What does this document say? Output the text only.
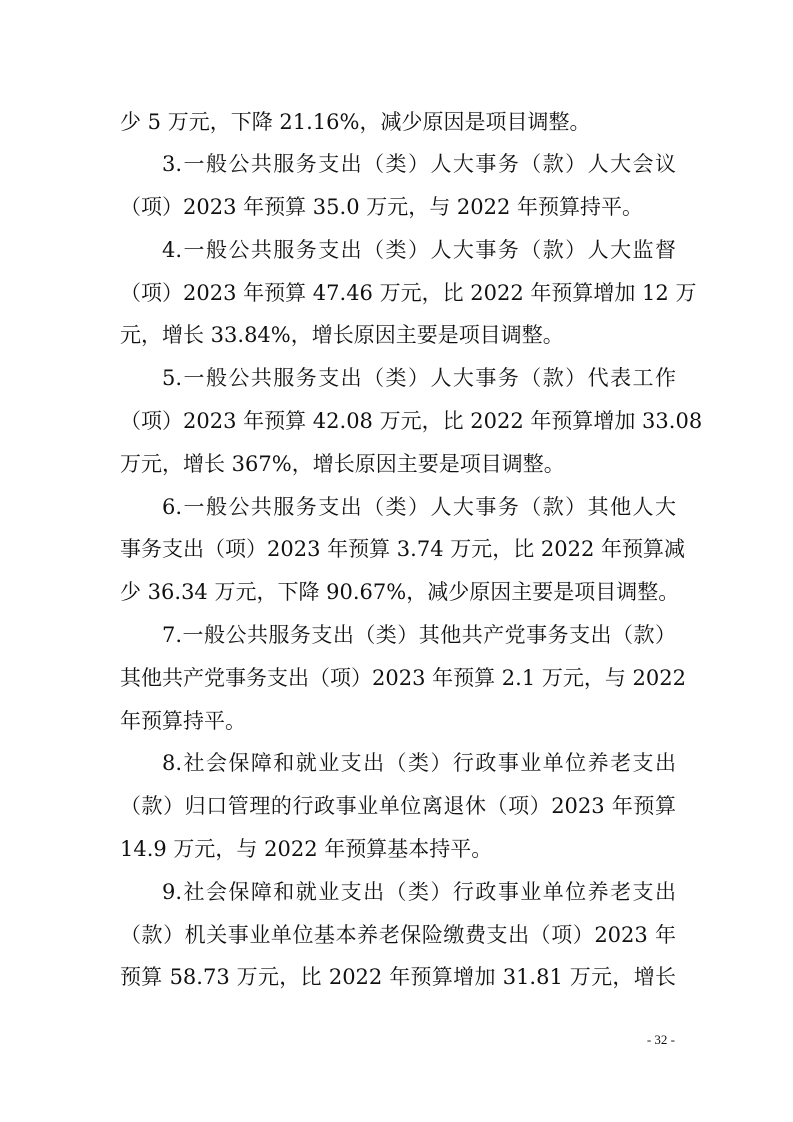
少 5 万元，下降 21.16%，减少原因是项目调整。
3.一般公共服务支出（类）人大事务（款）人大会议
（项）2023 年预算 35.0 万元，与 2022 年预算持平。
4.一般公共服务支出（类）人大事务（款）人大监督
（项）2023 年预算 47.46 万元，比 2022 年预算增加 12 万
元，增长 33.84%，增长原因主要是项目调整。
5.一般公共服务支出（类）人大事务（款）代表工作
（项）2023 年预算 42.08 万元，比 2022 年预算增加 33.08
万元，增长 367%，增长原因主要是项目调整。
6.一般公共服务支出（类）人大事务（款）其他人大
事务支出（项）2023 年预算 3.74 万元，比 2022 年预算减
少 36.34 万元，下降 90.67%，减少原因主要是项目调整。
7.一般公共服务支出（类）其他共产党事务支出（款）
其他共产党事务支出（项）2023 年预算 2.1 万元，与 2022
年预算持平。
8.社会保障和就业支出（类）行政事业单位养老支出
（款）归口管理的行政事业单位离退休（项）2023 年预算
14.9 万元，与 2022 年预算基本持平。
9.社会保障和就业支出（类）行政事业单位养老支出
（款）机关事业单位基本养老保险缴费支出（项）2023 年
预算 58.73 万元，比 2022 年预算增加 31.81 万元，增长
- 32 -
